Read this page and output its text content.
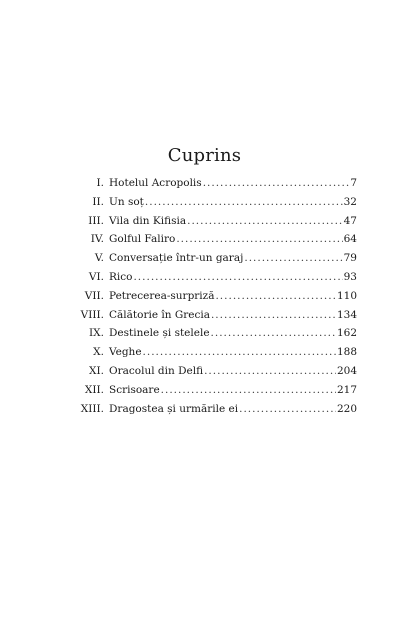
Cuprins
I. Hotelul Acropolis .....	7
II. Un soț .....	32
III. Vila din Kifisia .....	47
IV. Golful Faliro .....	64
V. Conversație într-un garaj .....	79
VI. Rico .....	93
VII. Petrecerea-surpriză .....	110
VIII. Călătorie în Grecia .....	134
IX. Destinele și stelele .....	162
X. Veghe .....	188
XI. Oracolul din Delfi .....	204
XII. Scrisoare .....	217
XIII. Dragostea și urmările ei .....	220
